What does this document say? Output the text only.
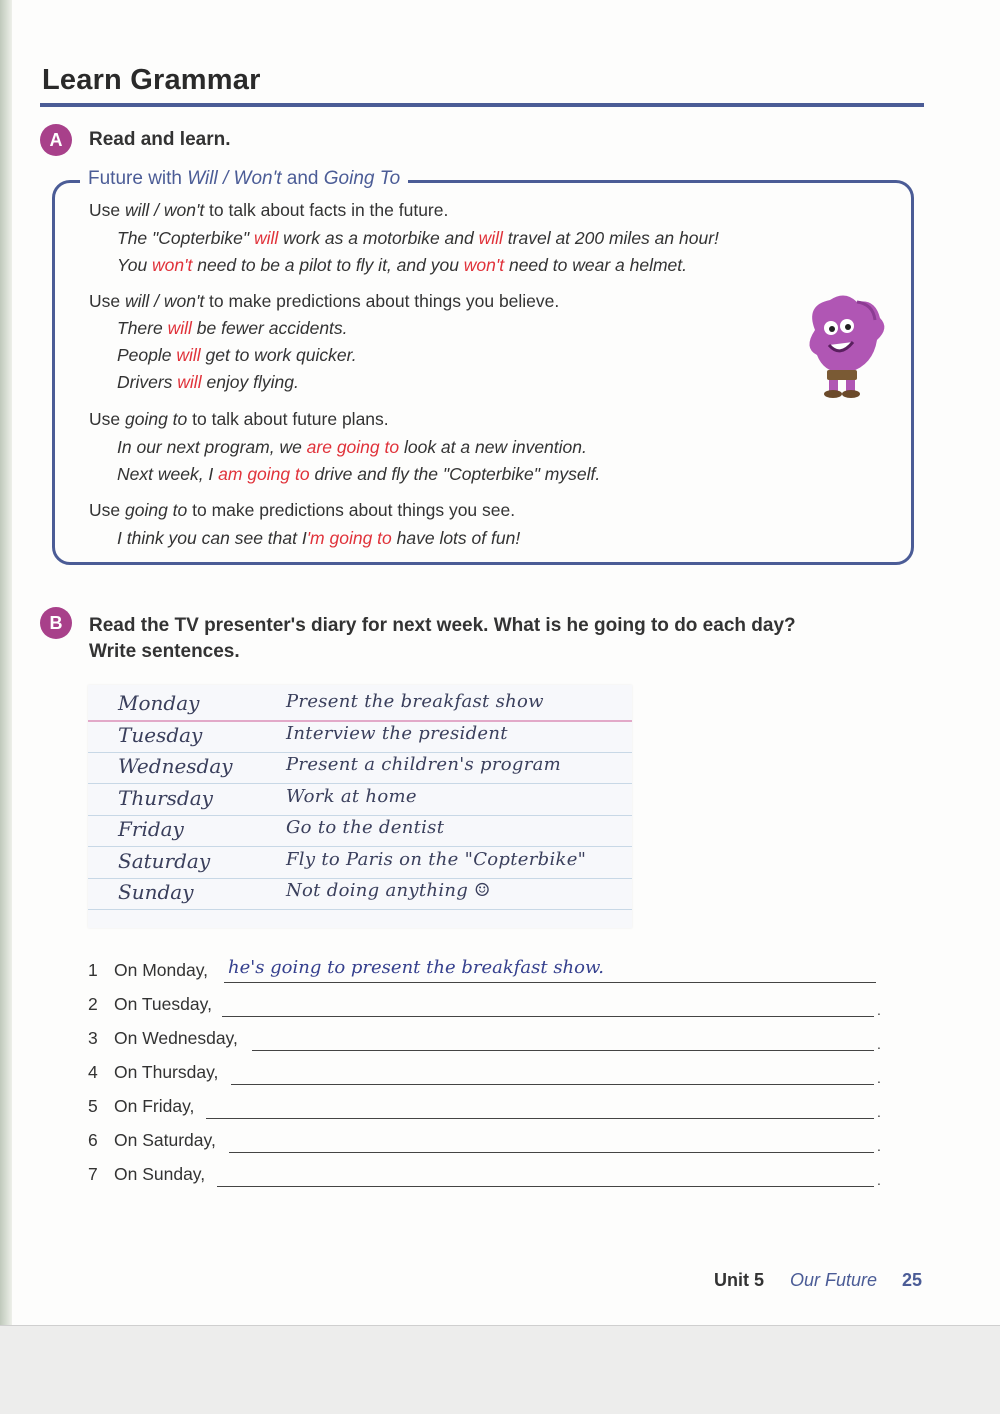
Learn Grammar
A	Read and learn.

Future with Will / Won't and Going To

Use will / won't to talk about facts in the future.

The "Copterbike" will work as a motorbike and will travel at 200 miles an hour!

You won't need to be a pilot to fly it, and you won't need to wear a helmet.

Use will / won't to make predictions about things you believe.

There will be fewer accidents.

People will get to work quicker.

Drivers will enjoy flying.

Use going to to talk about future plans.

In our next program, we are going to look at a new invention.

Next week, I am going to drive and fly the "Copterbike" myself.

Use going to to make predictions about things you see.

I think you can see that I'm going to have lots of fun!

B	Read the TV presenter's diary for next week. What is he going to do each day?
Write sentences.

Monday	Present the breakfast show
Tuesday	Interview the president
Wednesday	Present a children's program
Thursday	Work at home
Friday	Go to the dentist
Saturday	Fly to Paris on the "Copterbike"
Sunday	Not doing anything ☺
1 On Monday, he's going to present the breakfast show.
2 On Tuesday,	.
3 On Wednesday,	.
4 On Thursday,	.
5 On Friday,	.
6 On Saturday,	.
7 On Sunday,	.
Unit 5 Our Future 25
